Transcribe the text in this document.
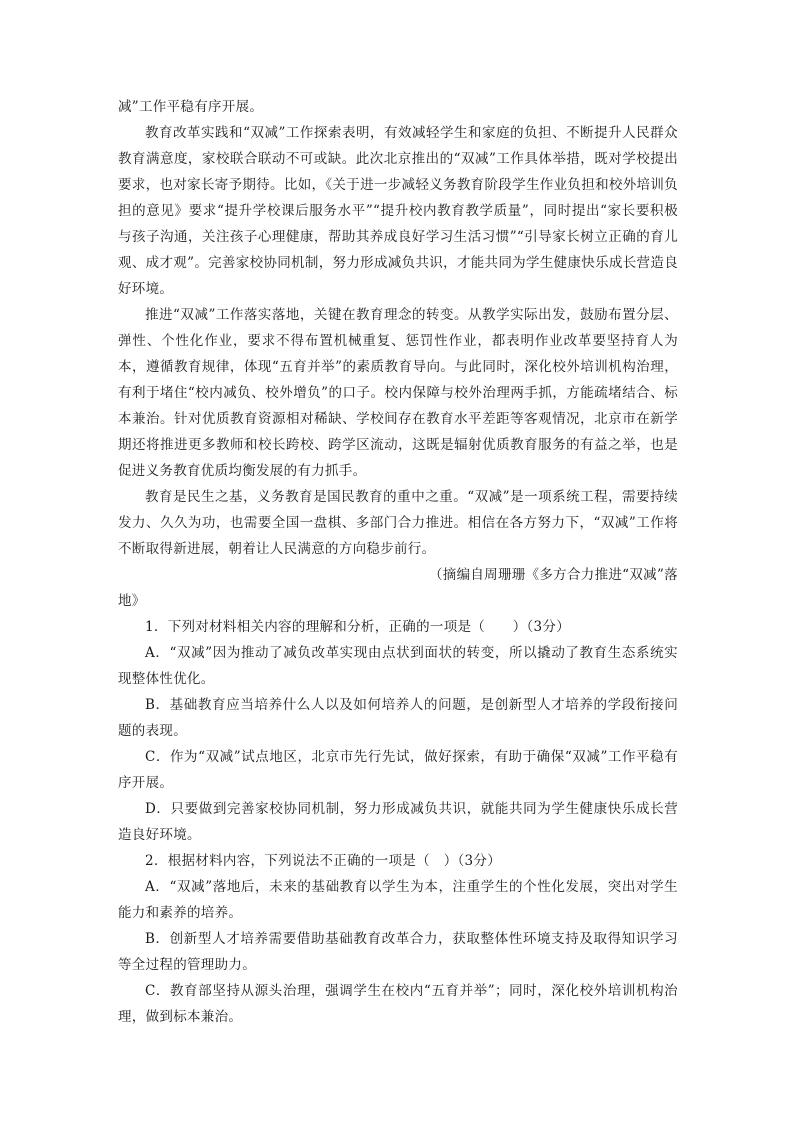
减”工作平稳有序开展。

教育改革实践和“双减”工作探索表明，有效减轻学生和家庭的负担、不断提升人民群众教育满意度，家校联合联动不可或缺。此次北京推出的“双减”工作具体举措，既对学校提出要求，也对家长寄予期待。比如，《关于进一步减轻义务教育阶段学生作业负担和校外培训负担的意见》要求“提升学校课后服务水平”“提升校内教育教学质量”，同时提出“家长要积极与孩子沟通，关注孩子心理健康，帮助其养成良好学习生活习惯”“引导家长树立正确的育儿观、成才观”。完善家校协同机制，努力形成减负共识，才能共同为学生健康快乐成长营造良好环境。

推进“双减”工作落实落地，关键在教育理念的转变。从教学实际出发，鼓励布置分层、弹性、个性化作业，要求不得布置机械重复、惩罚性作业，都表明作业改革要坚持育人为本，遵循教育规律，体现“五育并举”的素质教育导向。与此同时，深化校外培训机构治理，有利于堵住“校内减负、校外增负”的口子。校内保障与校外治理两手抓，方能疏堵结合、标本兼治。针对优质教育资源相对稀缺、学校间存在教育水平差距等客观情况，北京市在新学期还将推进更多教师和校长跨校、跨学区流动，这既是辐射优质教育服务的有益之举，也是促进义务教育优质均衡发展的有力抓手。

教育是民生之基，义务教育是国民教育的重中之重。“双减”是一项系统工程，需要持续发力、久久为功，也需要全国一盘棋、多部门合力推进。相信在各方努力下，“双减”工作将不断取得新进展，朝着让人民满意的方向稳步前行。

（摘编自周珊珊《多方合力推进“双减”落

地》

1．下列对材料相关内容的理解和分析，正确的一项是（　　）（3分）

A．“双减”因为推动了减负改革实现由点状到面状的转变，所以撬动了教育生态系统实现整体性优化。

B．基础教育应当培养什么人以及如何培养人的问题，是创新型人才培养的学段衔接问题的表现。

C．作为“双减”试点地区，北京市先行先试，做好探索，有助于确保“双减”工作平稳有序开展。

D．只要做到完善家校协同机制，努力形成减负共识，就能共同为学生健康快乐成长营造良好环境。

2．根据材料内容，下列说法不正确的一项是（　）（3分）

A．“双减”落地后，未来的基础教育以学生为本，注重学生的个性化发展，突出对学生能力和素养的培养。

B．创新型人才培养需要借助基础教育改革合力，获取整体性环境支持及取得知识学习等全过程的管理助力。

C．教育部坚持从源头治理，强调学生在校内“五育并举”；同时，深化校外培训机构治理，做到标本兼治。
